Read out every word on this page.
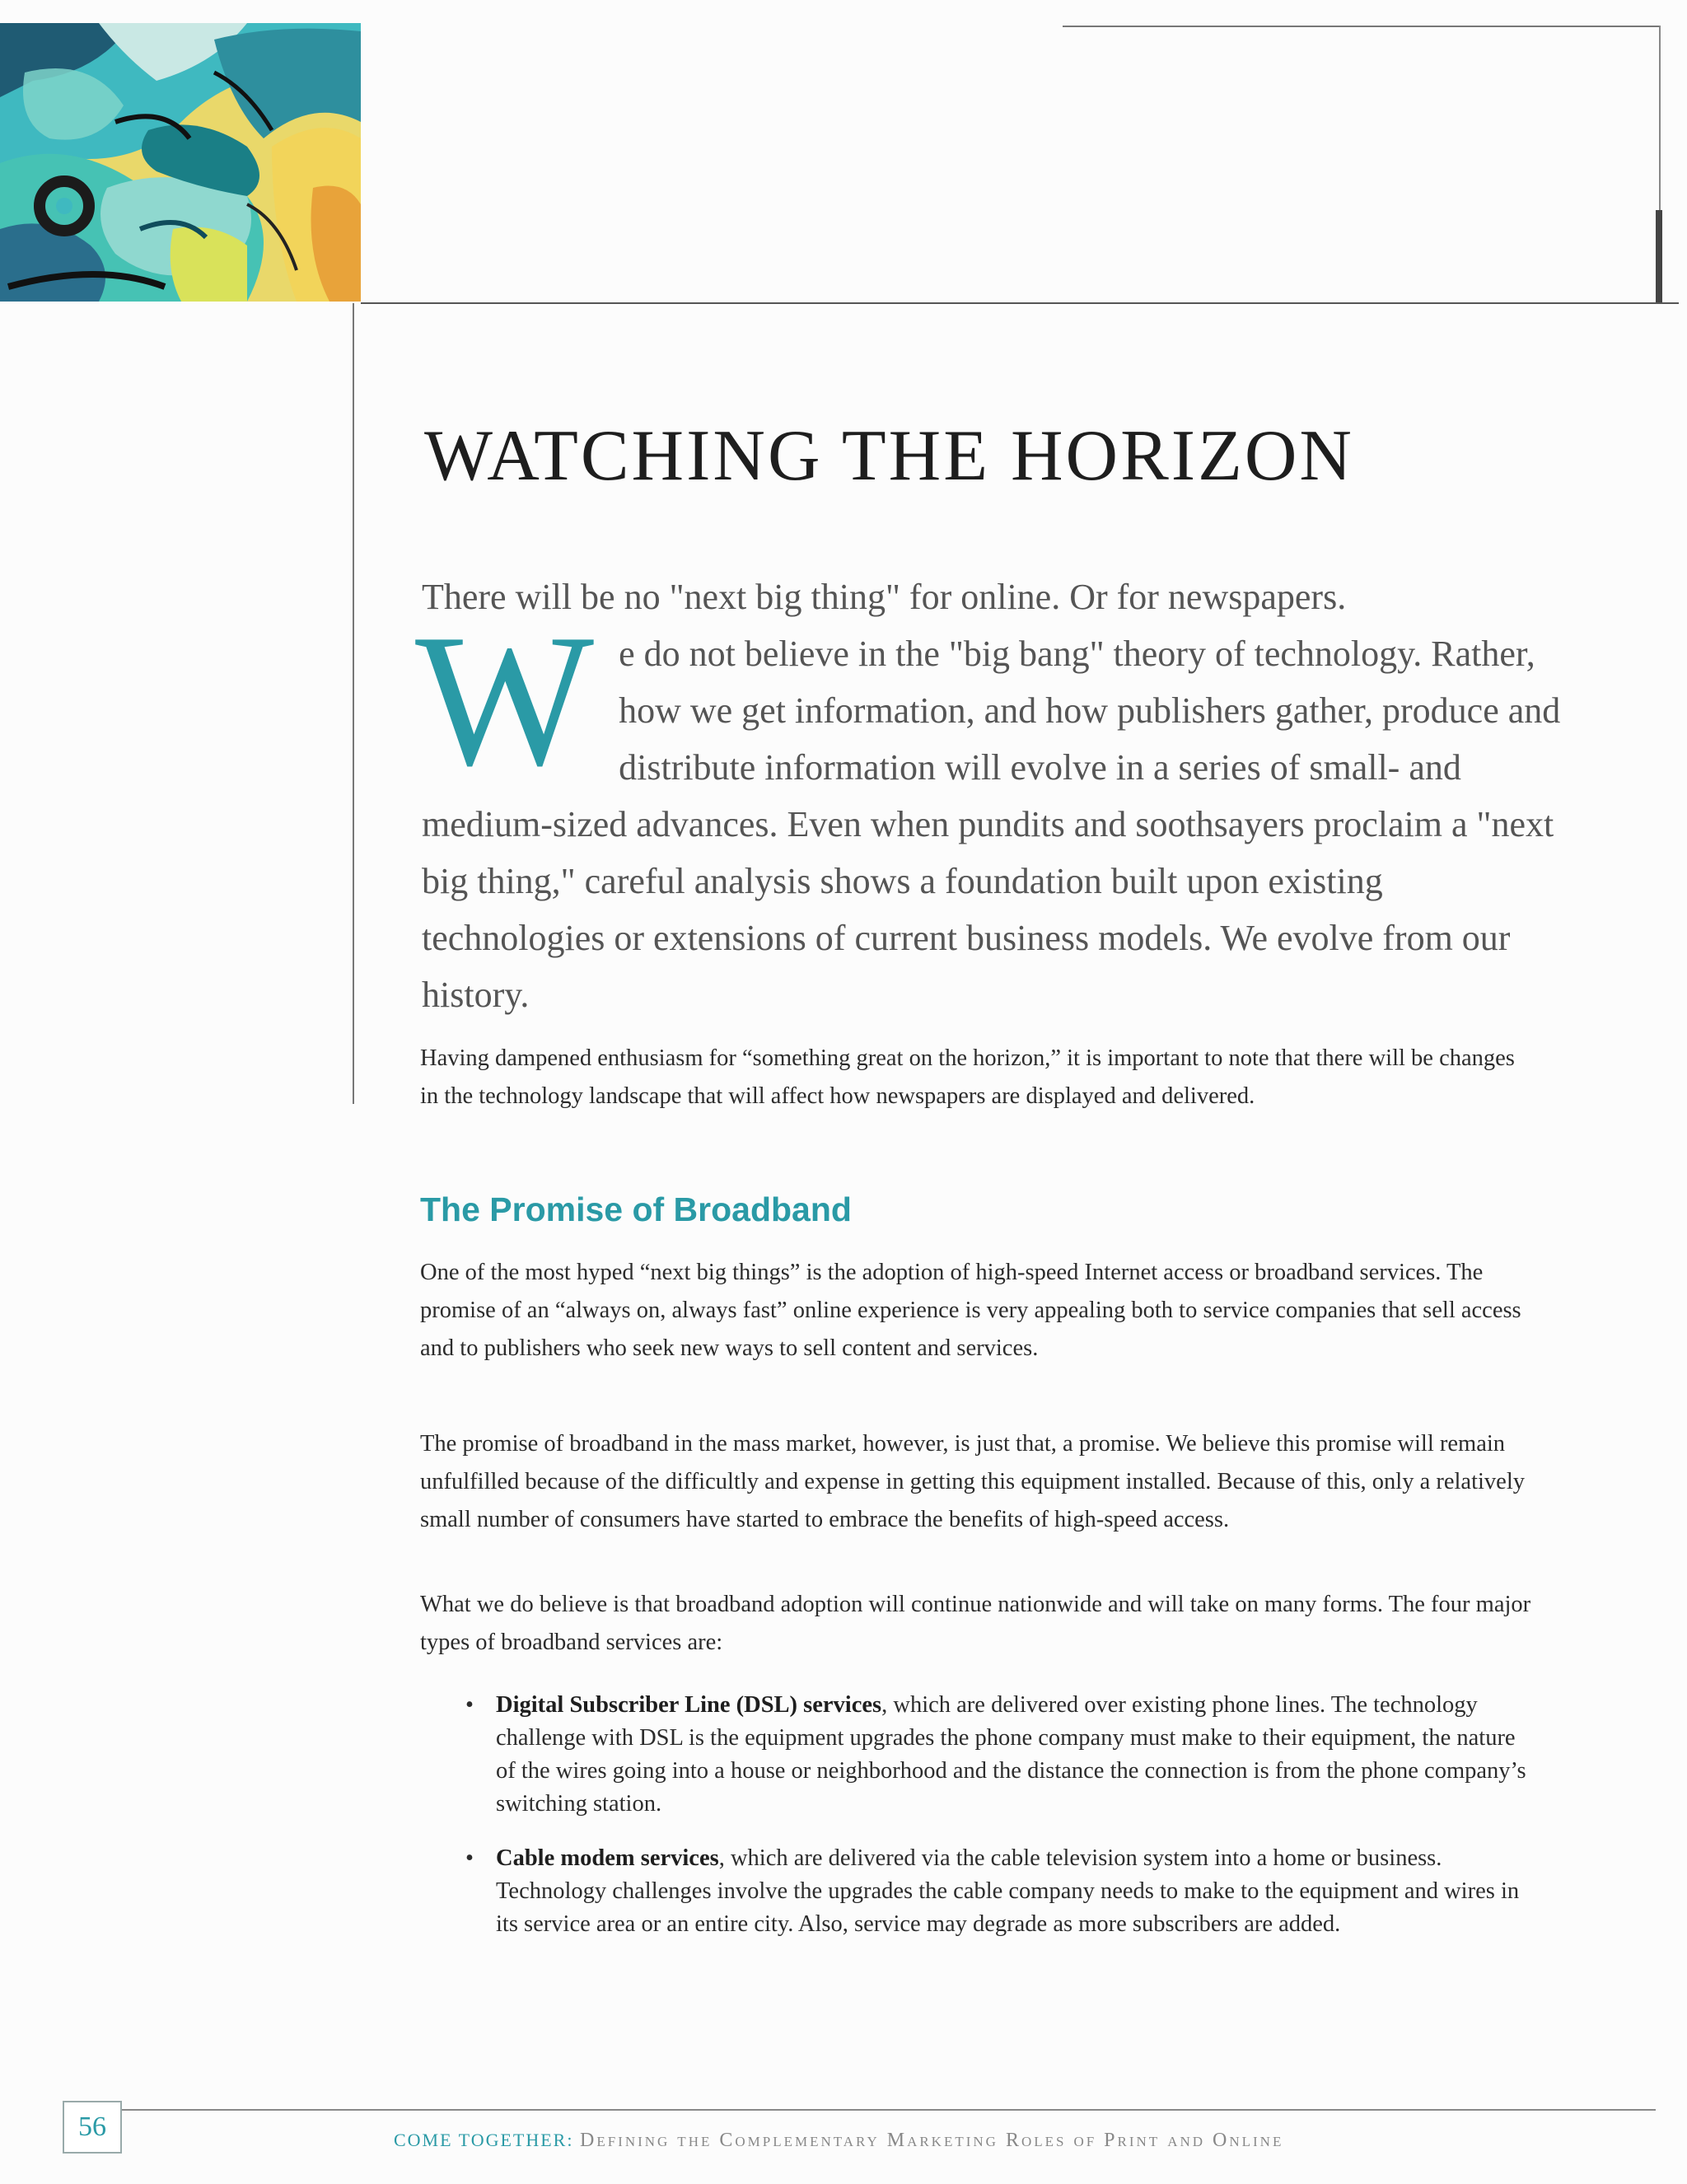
WATCHING THE HORIZON
There will be no "next big thing" for online. Or for newspapers.
W e do not believe in the "big bang" theory of technology. Rather, how we get information, and how publishers gather, produce and distribute information will evolve in a series of small- and medium-sized advances. Even when pundits and soothsayers proclaim a "next big thing," careful analysis shows a foundation built upon existing technologies or extensions of current business models. We evolve from our history.

Having dampened enthusiasm for “something great on the horizon,” it is important to note that there will be changes in the technology landscape that will affect how newspapers are displayed and delivered.

The Promise of Broadband

One of the most hyped “next big things” is the adoption of high-speed Internet access or broadband services. The promise of an “always on, always fast” online experience is very appealing both to service companies that sell access and to publishers who seek new ways to sell content and services.

The promise of broadband in the mass market, however, is just that, a promise. We believe this promise will remain unfulfilled because of the difficultly and expense in getting this equipment installed. Because of this, only a relatively small number of consumers have started to embrace the benefits of high-speed access.

What we do believe is that broadband adoption will continue nationwide and will take on many forms. The four major types of broadband services are:

• Digital Subscriber Line (DSL) services, which are delivered over existing phone lines. The technology challenge with DSL is the equipment upgrades the phone company must make to their equipment, the nature of the wires going into a house or neighborhood and the distance the connection is from the phone company’s switching station.
• Cable modem services, which are delivered via the cable television system into a home or business. Technology challenges involve the upgrades the cable company needs to make to the equipment and wires in its service area or an entire city. Also, service may degrade as more subscribers are added.
56	COME TOGETHER: Defining the Complementary Marketing Roles of Print and Online
